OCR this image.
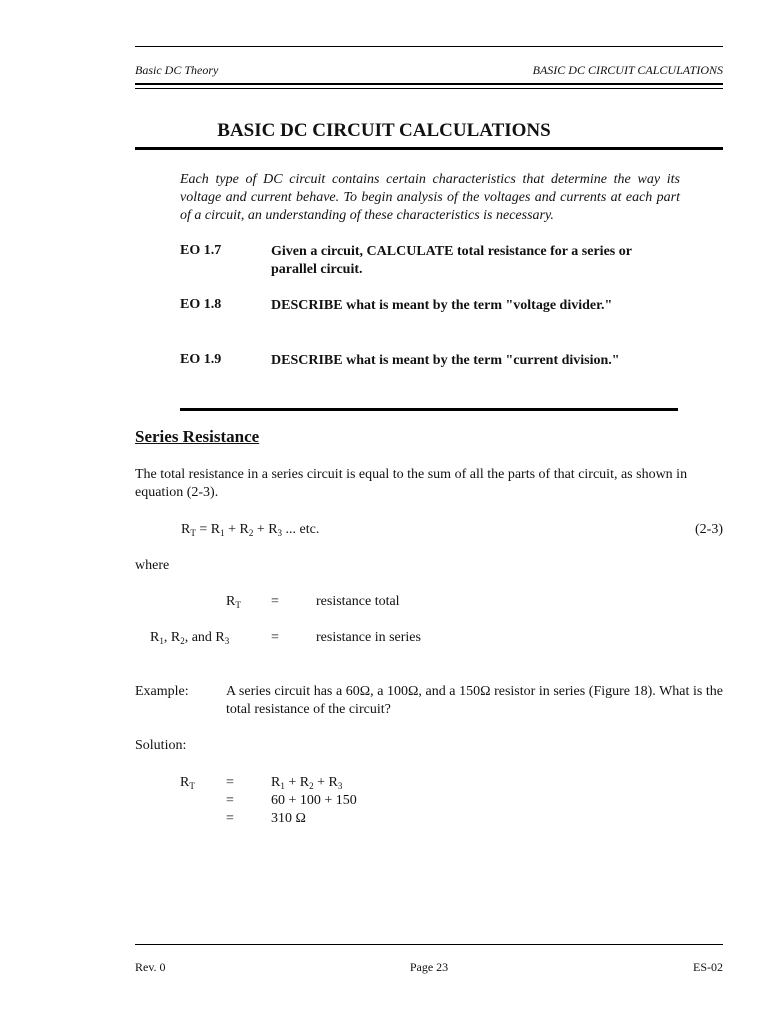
Basic DC Theory	BASIC DC CIRCUIT CALCULATIONS
BASIC DC CIRCUIT CALCULATIONS
Each type of DC circuit contains certain characteristics that determine the way its voltage and current behave. To begin analysis of the voltages and currents at each part of a circuit, an understanding of these characteristics is necessary.
EO 1.7	Given a circuit, CALCULATE total resistance for a series or parallel circuit.
EO 1.8	DESCRIBE what is meant by the term "voltage divider."
EO 1.9	DESCRIBE what is meant by the term "current division."
Series Resistance
The total resistance in a series circuit is equal to the sum of all the parts of that circuit, as shown in equation (2-3).
$R_T = R_1 + R_2 + R_3$ ... etc.	(2-3)
where
$R_T$ =	resistance total
$R_1$, $R_2$, and $R_3$	=	resistance in series
Example:	A series circuit has a 60Ω, a 100Ω, and a 150Ω resistor in series (Figure 18). What is the total resistance of the circuit?
Solution:
$R_T$ =	$R_1 + R_2 + R_3$
=	60 + 100 + 150
=	310 Ω
Rev. 0	Page 23	ES-02
